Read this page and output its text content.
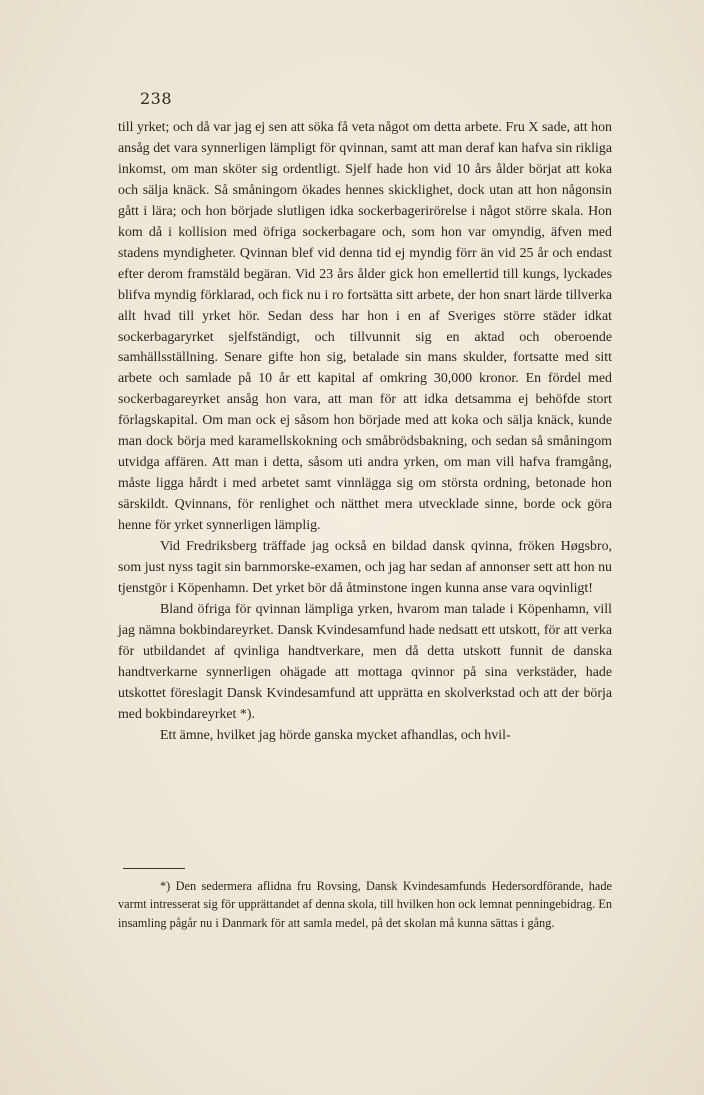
238

till yrket; och då var jag ej sen att söka få veta något om detta arbete. Fru X sade, att hon ansåg det vara synnerligen lämpligt för qvinnan, samt att man deraf kan hafva sin rikliga inkomst, om man sköter sig ordentligt. Sjelf hade hon vid 10 års ålder börjat att koka och sälja knäck. Så småningom ökades hennes skicklighet, dock utan att hon någonsin gått i lära; och hon började slutligen idka sockerbagerirörelse i något större skala. Hon kom då i kollision med öfriga sockerbagare och, som hon var omyndig, äfven med stadens myndigheter. Qvinnan blef vid denna tid ej myndig förr än vid 25 år och endast efter derom framstäld begäran. Vid 23 års ålder gick hon emellertid till kungs, lyckades blifva myndig förklarad, och fick nu i ro fortsätta sitt arbete, der hon snart lärde tillverka allt hvad till yrket hör. Sedan dess har hon i en af Sveriges större städer idkat sockerbagaryrket sjelfständigt, och tillvunnit sig en aktad och oberoende samhällsställning. Senare gifte hon sig, betalade sin mans skulder, fortsatte med sitt arbete och samlade på 10 år ett kapital af omkring 30,000 kronor. En fördel med sockerbagareyrket ansåg hon vara, att man för att idka detsamma ej behöfde stort förlagskapital. Om man ock ej såsom hon började med att koka och sälja knäck, kunde man dock börja med karamellskokning och småbrödsbakning, och sedan så småningom utvidga affären. Att man i detta, såsom uti andra yrken, om man vill hafva framgång, måste ligga hårdt i med arbetet samt vinnlägga sig om största ordning, betonade hon särskildt. Qvinnans, för renlighet och nätthet mera utvecklade sinne, borde ock göra henne för yrket synnerligen lämplig.

Vid Fredriksberg träffade jag också en bildad dansk qvinna, fröken Høgsbro, som just nyss tagit sin barnmorske-examen, och jag har sedan af annonser sett att hon nu tjenstgör i Köpenhamn. Det yrket bör då åtminstone ingen kunna anse vara oqvinligt!

Bland öfriga för qvinnan lämpliga yrken, hvarom man talade i Köpenhamn, vill jag nämna bokbindareyrket. Dansk Kvindesamfund hade nedsatt ett utskott, för att verka för utbildandet af qvinliga handtverkare, men då detta utskott funnit de danska handtverkarne synnerligen ohägade att mottaga qvinnor på sina verkstäder, hade utskottet föreslagit Dansk Kvindesamfund att upprätta en skolverkstad och att der börja med bokbindareyrket *).

Ett ämne, hvilket jag hörde ganska mycket afhandlas, och hvil-

*) Den sedermera aflidna fru Rovsing, Dansk Kvindesamfunds Hedersordförande, hade varmt intresserat sig för upprättandet af denna skola, till hvilken hon ock lemnat penningebidrag. En insamling pågår nu i Danmark för att samla medel, på det skolan må kunna sättas i gång.
